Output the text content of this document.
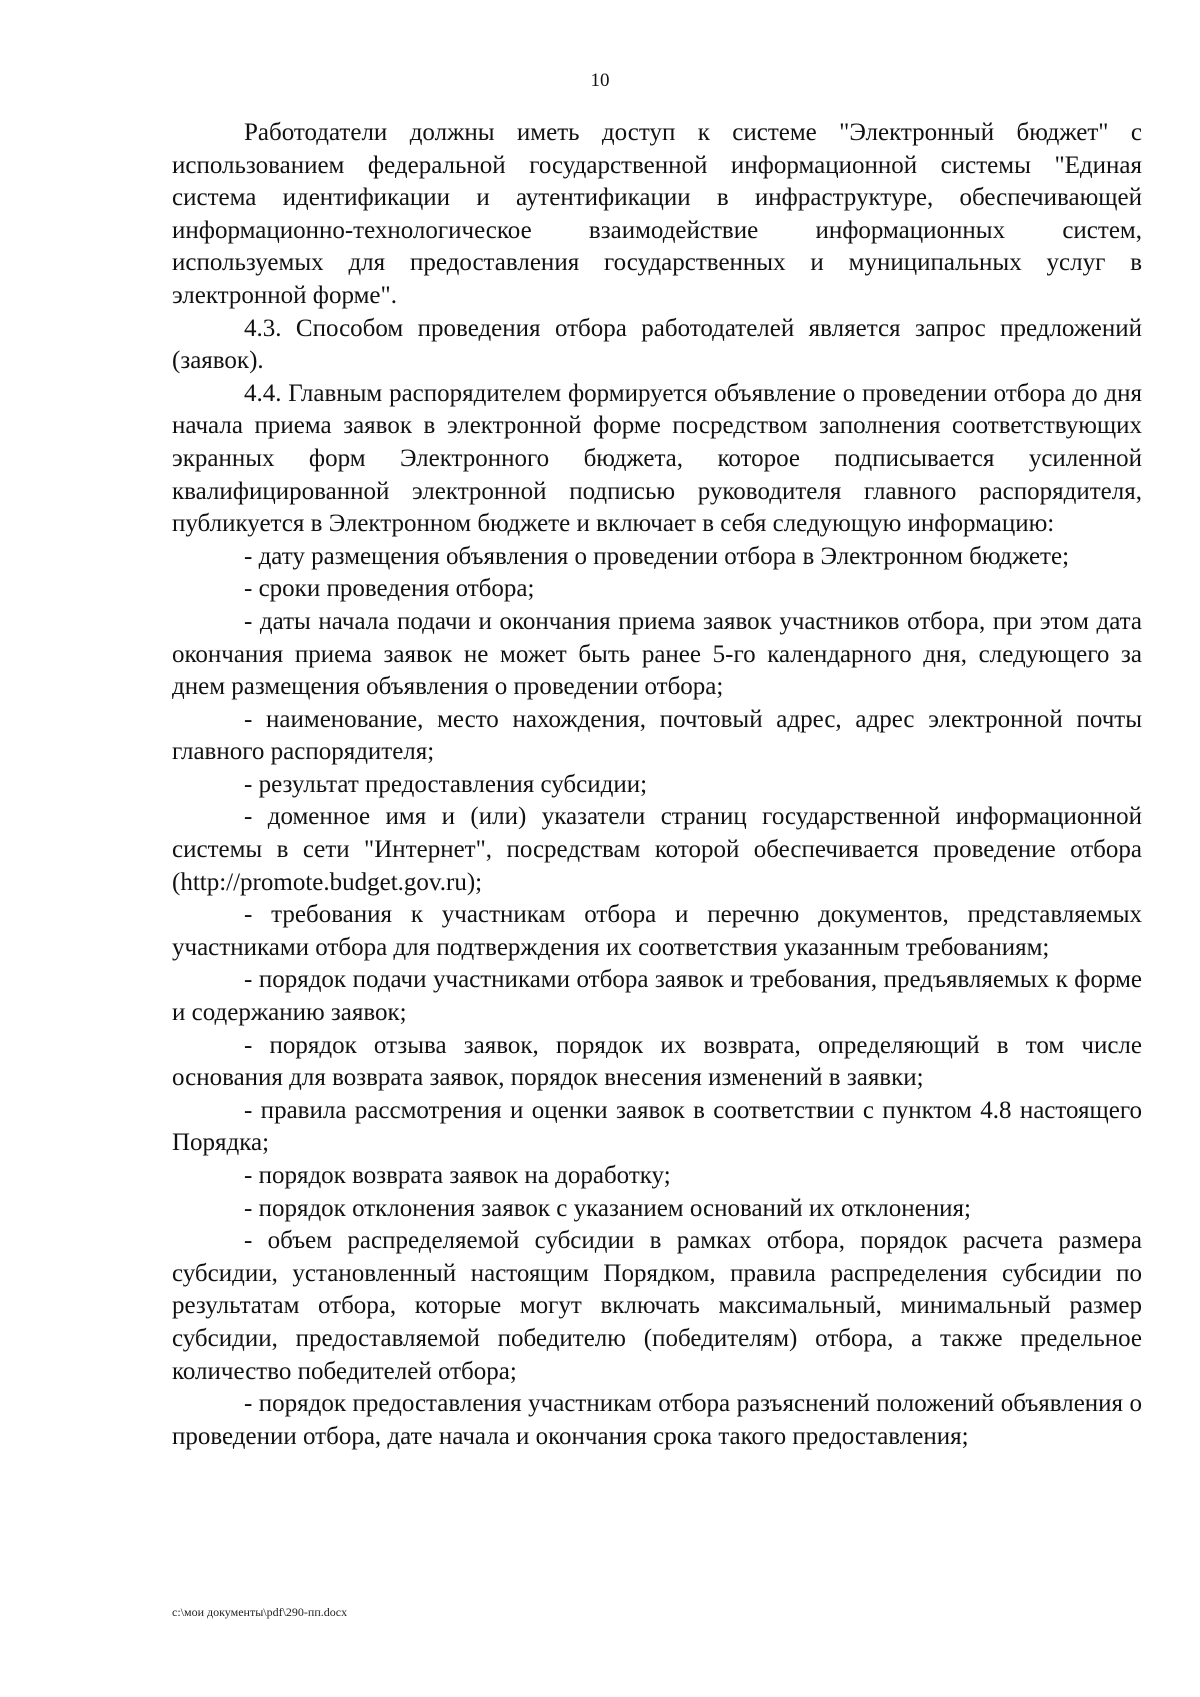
10

Работодатели должны иметь доступ к системе "Электронный бюджет" с использованием федеральной государственной информационной системы "Единая система идентификации и аутентификации в инфраструктуре, обеспечивающей информационно-технологическое взаимодействие информационных систем, используемых для предоставления государственных и муниципальных услуг в электронной форме".

4.3. Способом проведения отбора работодателей является запрос предложений (заявок).

4.4. Главным распорядителем формируется объявление о проведении отбора до дня начала приема заявок в электронной форме посредством заполнения соответствующих экранных форм Электронного бюджета, которое подписывается усиленной квалифицированной электронной подписью руководителя главного распорядителя, публикуется в Электронном бюджете и включает в себя следующую информацию:

- дату размещения объявления о проведении отбора в Электронном бюджете;

- сроки проведения отбора;

- даты начала подачи и окончания приема заявок участников отбора, при этом дата окончания приема заявок не может быть ранее 5-го календарного дня, следующего за днем размещения объявления о проведении отбора;

- наименование, место нахождения, почтовый адрес, адрес электронной почты главного распорядителя;

- результат предоставления субсидии;

- доменное имя и (или) указатели страниц государственной информационной системы в сети "Интернет", посредствам которой обеспечивается проведение отбора (http://promote.budget.gov.ru);

- требования к участникам отбора и перечню документов, представляемых участниками отбора для подтверждения их соответствия указанным требованиям;

- порядок подачи участниками отбора заявок и требования, предъявляемых к форме и содержанию заявок;

- порядок отзыва заявок, порядок их возврата, определяющий в том числе основания для возврата заявок, порядок внесения изменений в заявки;

- правила рассмотрения и оценки заявок в соответствии с пунктом 4.8 настоящего Порядка;

- порядок возврата заявок на доработку;

- порядок отклонения заявок с указанием оснований их отклонения;

- объем распределяемой субсидии в рамках отбора, порядок расчета размера субсидии, установленный настоящим Порядком, правила распределения субсидии по результатам отбора, которые могут включать максимальный, минимальный размер субсидии, предоставляемой победителю (победителям) отбора, а также предельное количество победителей отбора;

- порядок предоставления участникам отбора разъяснений положений объявления о проведении отбора, дате начала и окончания срока такого предоставления;

c:\мои документы\pdf\290-пп.docx
